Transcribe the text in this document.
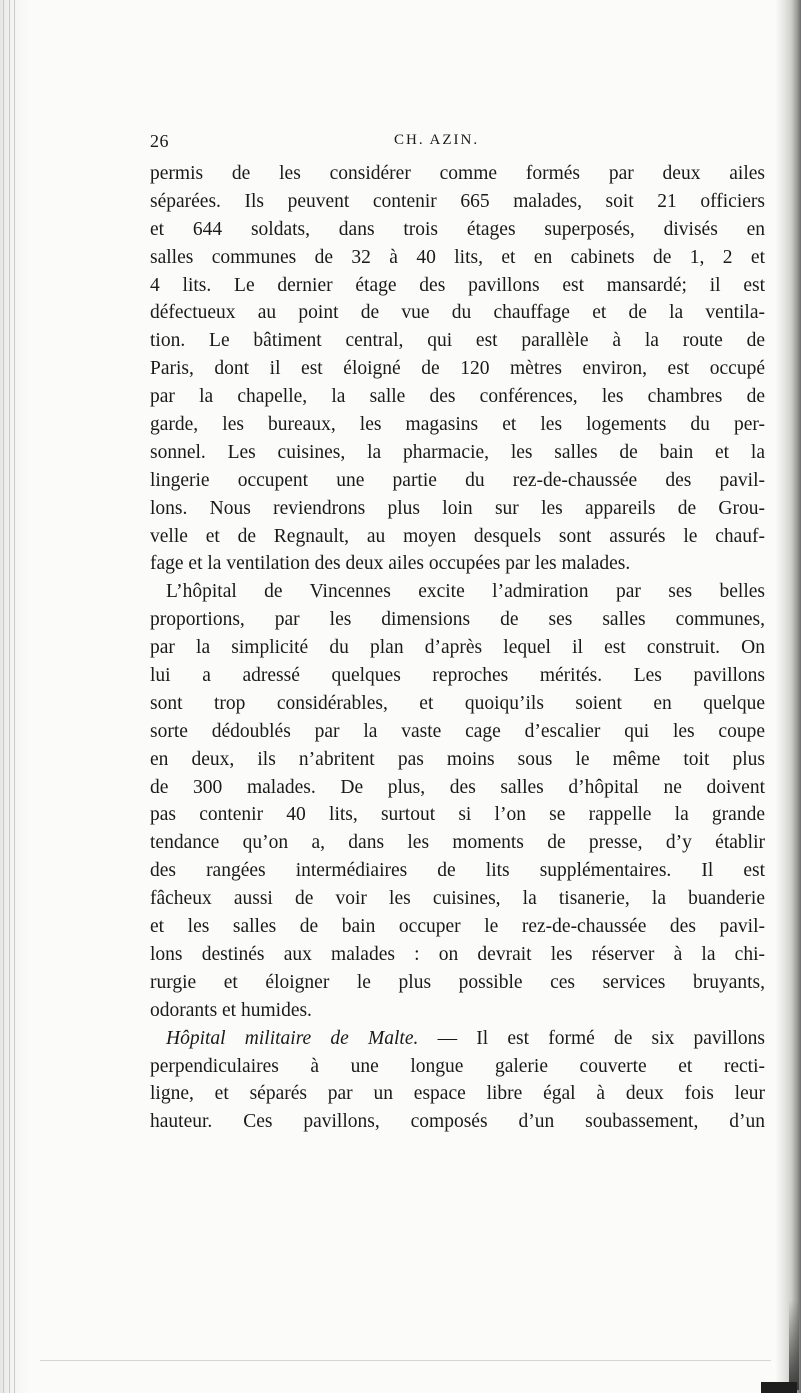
26	CH. AZIN.
permis de les considérer comme formés par deux ailes
séparées. Ils peuvent contenir 665 malades, soit 21 officiers
et 644 soldats, dans trois étages superposés, divisés en
salles communes de 32 à 40 lits, et en cabinets de 1, 2 et
4 lits. Le dernier étage des pavillons est mansardé; il est
défectueux au point de vue du chauffage et de la ventila-
tion. Le bâtiment central, qui est parallèle à la route de
Paris, dont il est éloigné de 120 mètres environ, est occupé
par la chapelle, la salle des conférences, les chambres de
garde, les bureaux, les magasins et les logements du per-
sonnel. Les cuisines, la pharmacie, les salles de bain et la
lingerie occupent une partie du rez-de-chaussée des pavil-
lons. Nous reviendrons plus loin sur les appareils de Grou-
velle et de Regnault, au moyen desquels sont assurés le chauf-
fage et la ventilation des deux ailes occupées par les malades.
L’hôpital de Vincennes excite l’admiration par ses belles
proportions, par les dimensions de ses salles communes,
par la simplicité du plan d’après lequel il est construit. On
lui a adressé quelques reproches mérités. Les pavillons
sont trop considérables, et quoiqu’ils soient en quelque
sorte dédoublés par la vaste cage d’escalier qui les coupe
en deux, ils n’abritent pas moins sous le même toit plus
de 300 malades. De plus, des salles d’hôpital ne doivent
pas contenir 40 lits, surtout si l’on se rappelle la grande
tendance qu’on a, dans les moments de presse, d’y établir
des rangées intermédiaires de lits supplémentaires. Il est
fâcheux aussi de voir les cuisines, la tisanerie, la buanderie
et les salles de bain occuper le rez-de-chaussée des pavil-
lons destinés aux malades : on devrait les réserver à la chi-
rurgie et éloigner le plus possible ces services bruyants,
odorants et humides.
Hôpital militaire de Malte. — Il est formé de six pavillons
perpendiculaires à une longue galerie couverte et recti-
ligne, et séparés par un espace libre égal à deux fois leur
hauteur. Ces pavillons, composés d’un soubassement, d’un
